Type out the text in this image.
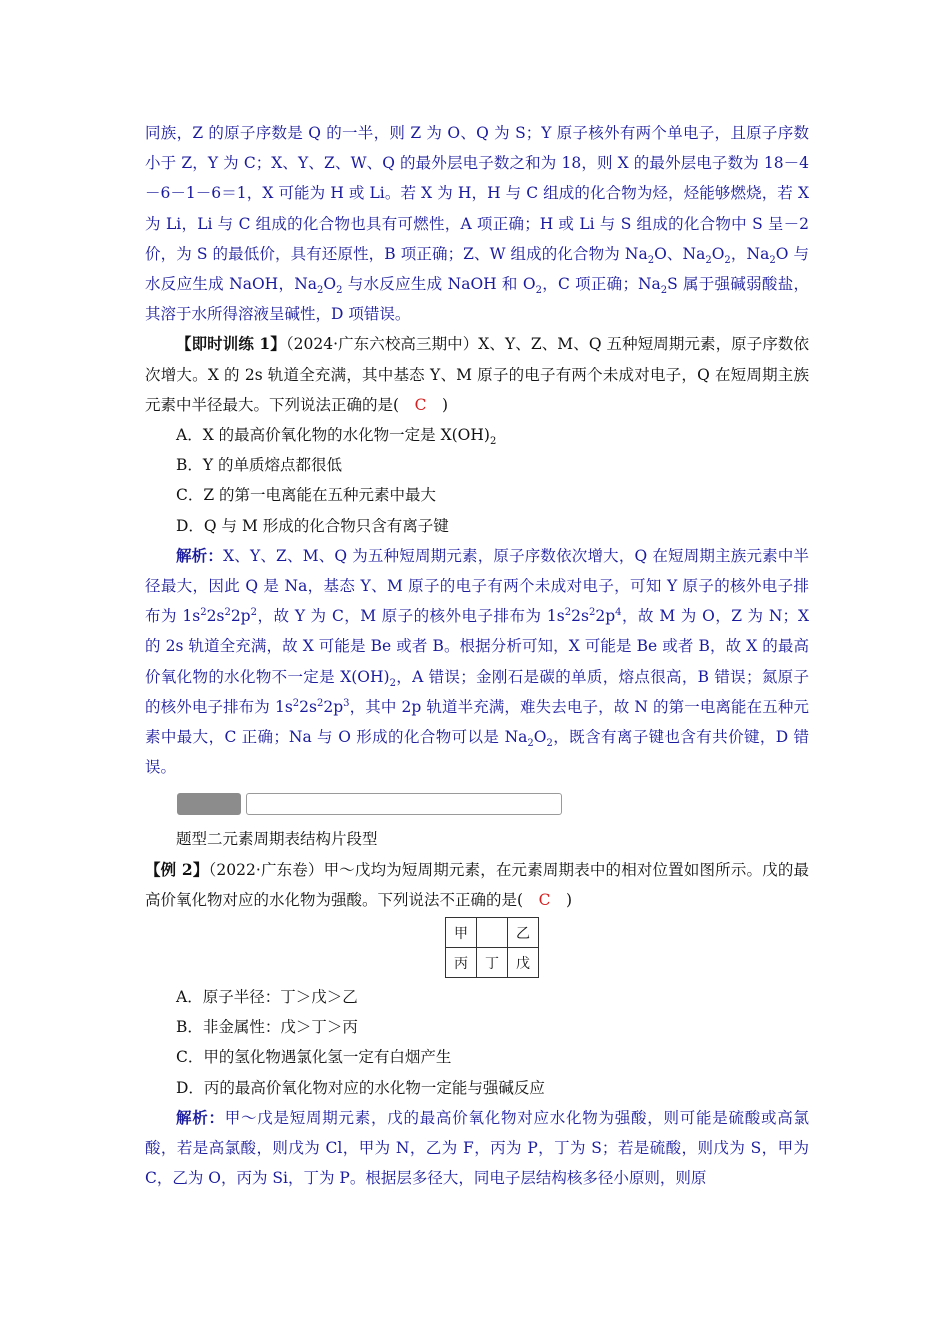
同族，Z 的原子序数是 Q 的一半，则 Z 为 O、Q 为 S；Y 原子核外有两个单电子，且原子序数小于 Z，Y 为 C；X、Y、Z、W、Q 的最外层电子数之和为 18，则 X 的最外层电子数为 18－4－6－1－6＝1，X 可能为 H 或 Li。若 X 为 H，H 与 C 组成的化合物为烃，烃能够燃烧，若 X 为 Li，Li 与 C 组成的化合物也具有可燃性，A 项正确；H 或 Li 与 S 组成的化合物中 S 呈－2 价，为 S 的最低价，具有还原性，B 项正确；Z、W 组成的化合物为 $Na_2O$、$Na_2O_2$，$Na_2O$ 与水反应生成 NaOH，$Na_2O_2$ 与水反应生成 NaOH 和 $O_2$，C 项正确；$Na_2S$ 属于强碱弱酸盐，其溶于水所得溶液呈碱性，D 项错误。

【即时训练 1】（2024·广东六校高三期中）X、Y、Z、M、Q 五种短周期元素，原子序数依次增大。X 的 2s 轨道全充满，其中基态 Y、M 原子的电子有两个未成对电子，Q 在短周期主族元素中半径最大。下列说法正确的是(　C　)

A．X 的最高价氧化物的水化物一定是 $X(OH)_2$

B．Y 的单质熔点都很低

C．Z 的第一电离能在五种元素中最大

D．Q 与 M 形成的化合物只含有离子键

解析：X、Y、Z、M、Q 为五种短周期元素，原子序数依次增大，Q 在短周期主族元素中半径最大，因此 Q 是 Na，基态 Y、M 原子的电子有两个未成对电子，可知 Y 原子的核外电子排布为 $1s^22s^22p^2$，故 Y 为 C，M 原子的核外电子排布为 $1s^22s^22p^4$，故 M 为 O，Z 为 N；X 的 2s 轨道全充满，故 X 可能是 Be 或者 B。根据分析可知，X 可能是 Be 或者 B，故 X 的最高价氧化物的水化物不一定是 $X(OH)_2$，A 错误；金刚石是碳的单质，熔点很高，B 错误；氮原子的核外电子排布为 $1s^22s^22p^3$，其中 2p 轨道半充满，难失去电子，故 N 的第一电离能在五种元素中最大，C 正确；Na 与 O 形成的化合物可以是 $Na_2O_2$，既含有离子键也含有共价键，D 错误。

题型二元素周期表结构片段型

【例 2】（2022·广东卷）甲～戊均为短周期元素，在元素周期表中的相对位置如图所示。戊的最高价氧化物对应的水化物为强酸。下列说法不正确的是(　C　)

甲		乙
丙	丁	戊

A．原子半径：丁＞戊＞乙

B．非金属性：戊＞丁＞丙

C．甲的氢化物遇氯化氢一定有白烟产生

D．丙的最高价氧化物对应的水化物一定能与强碱反应

解析：甲～戊是短周期元素，戊的最高价氧化物对应水化物为强酸，则可能是硫酸或高氯酸，若是高氯酸，则戊为 Cl，甲为 N，乙为 F，丙为 P，丁为 S；若是硫酸，则戊为 S，甲为 C，乙为 O，丙为 Si，丁为 P。根据层多径大，同电子层结构核多径小原则，则原
